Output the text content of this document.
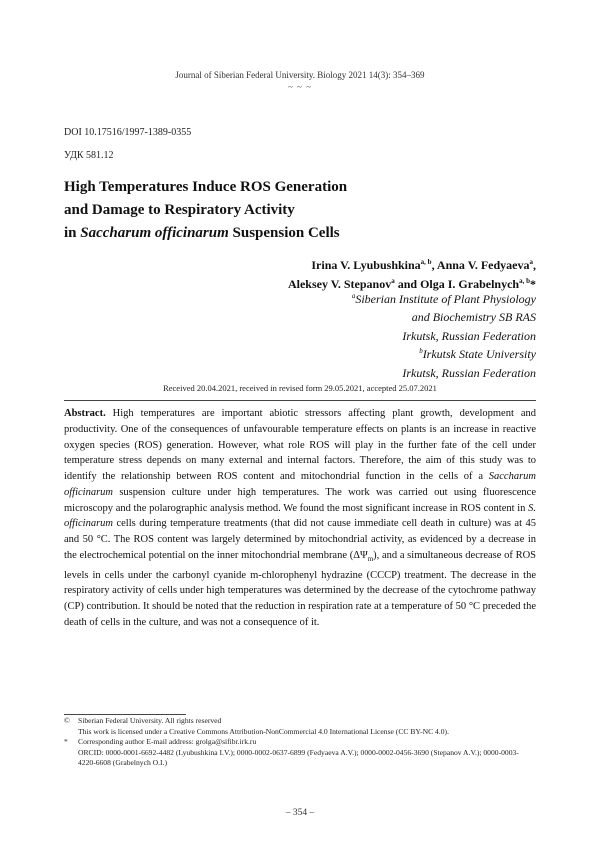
Journal of Siberian Federal University. Biology 2021 14(3): 354–369
~ ~ ~
DOI 10.17516/1997-1389-0355
УДК 581.12
High Temperatures Induce ROS Generation
and Damage to Respiratory Activity
in Saccharum officinarum Suspension Cells
Irina V. Lyubushkina$^{a, b}$, Anna V. Fedyaeva$^a$,
Aleksey V. Stepanov$^a$ and Olga I. Grabelnych$^{a, b}$*
$^a$Siberian Institute of Plant Physiology
and Biochemistry SB RAS
Irkutsk, Russian Federation
$^b$Irkutsk State University
Irkutsk, Russian Federation
Received 20.04.2021, received in revised form 29.05.2021, accepted 25.07.2021
Abstract. High temperatures are important abiotic stressors affecting plant growth, development and productivity. One of the consequences of unfavourable temperature effects on plants is an increase in reactive oxygen species (ROS) generation. However, what role ROS will play in the further fate of the cell under temperature stress depends on many external and internal factors. Therefore, the aim of this study was to identify the relationship between ROS content and mitochondrial function in the cells of a Saccharum officinarum suspension culture under high temperatures. The work was carried out using fluorescence microscopy and the polarographic analysis method. We found the most significant increase in ROS content in S. officinarum cells during temperature treatments (that did not cause immediate cell death in culture) was at 45 and 50 °C. The ROS content was largely determined by mitochondrial activity, as evidenced by a decrease in the electrochemical potential on the inner mitochondrial membrane $(\Delta\Psi_m)$, and a simultaneous decrease of ROS levels in cells under the carbonyl cyanide m-chlorophenyl hydrazine (CCCP) treatment. The decrease in the respiratory activity of cells under high temperatures was determined by the decrease of the cytochrome pathway (CP) contribution. It should be noted that the reduction in respiration rate at a temperature of 50 °C preceded the death of cells in the culture, and was not a consequence of it.
© Siberian Federal University. All rights reserved
This work is licensed under a Creative Commons Attribution-NonCommercial 4.0 International License (CC BY-NC 4.0).
* Corresponding author E-mail address: grolga@sifibr.irk.ru
ORCID: 0000-0001-6692-4482 (Lyubushkina I.V.); 0000-0002-0637-6899 (Fedyaeva A.V.); 0000-0002-0456-3690 (Stepanov A.V.); 0000-0003-4220-6608 (Grabelnych O.I.)
– 354 –
